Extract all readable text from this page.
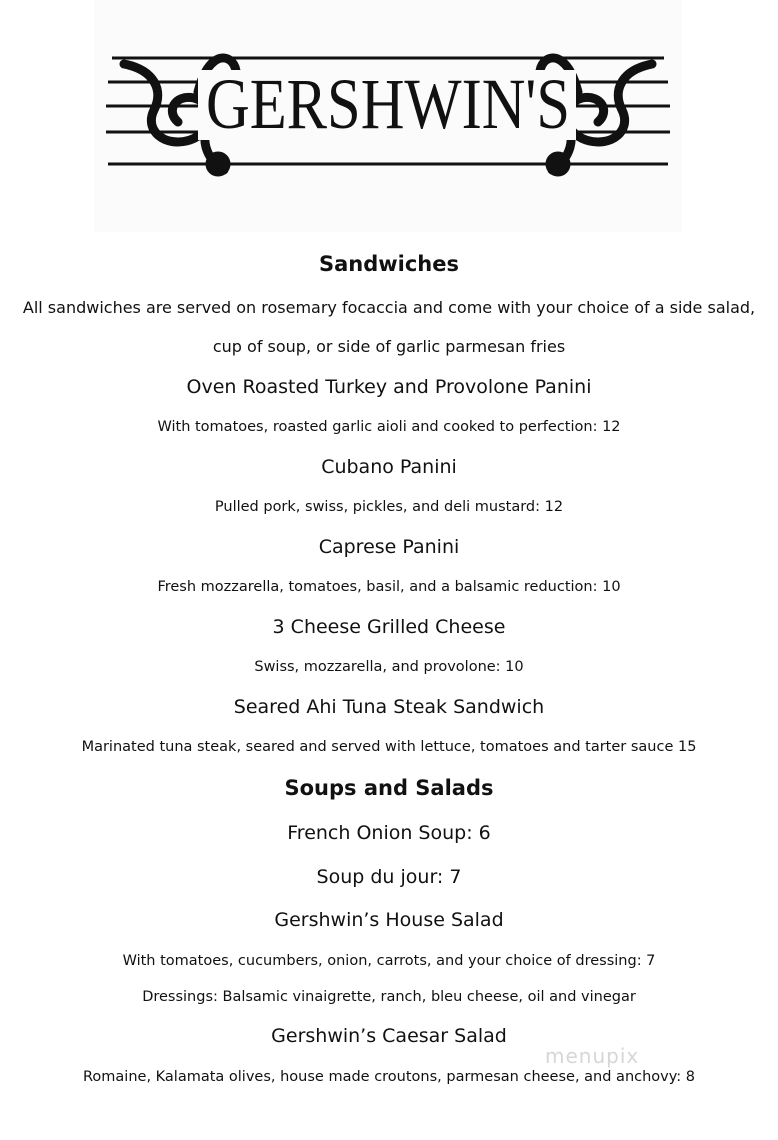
GERSHWIN'S
Sandwiches
All sandwiches are served on rosemary focaccia and come with your choice of a side salad,
cup of soup, or side of garlic parmesan fries
Oven Roasted Turkey and Provolone Panini
With tomatoes, roasted garlic aioli and cooked to perfection: 12
Cubano Panini
Pulled pork, swiss, pickles, and deli mustard: 12
Caprese Panini
Fresh mozzarella, tomatoes, basil, and a balsamic reduction: 10
3 Cheese Grilled Cheese
Swiss, mozzarella, and provolone: 10
Seared Ahi Tuna Steak Sandwich
Marinated tuna steak, seared and served with lettuce, tomatoes and tarter sauce 15
Soups and Salads
French Onion Soup: 6
Soup du jour: 7
Gershwin’s House Salad
With tomatoes, cucumbers, onion, carrots, and your choice of dressing: 7
Dressings: Balsamic vinaigrette, ranch, bleu cheese, oil and vinegar
Gershwin’s Caesar Salad
Romaine, Kalamata olives, house made croutons, parmesan cheese, and anchovy: 8
menupix
